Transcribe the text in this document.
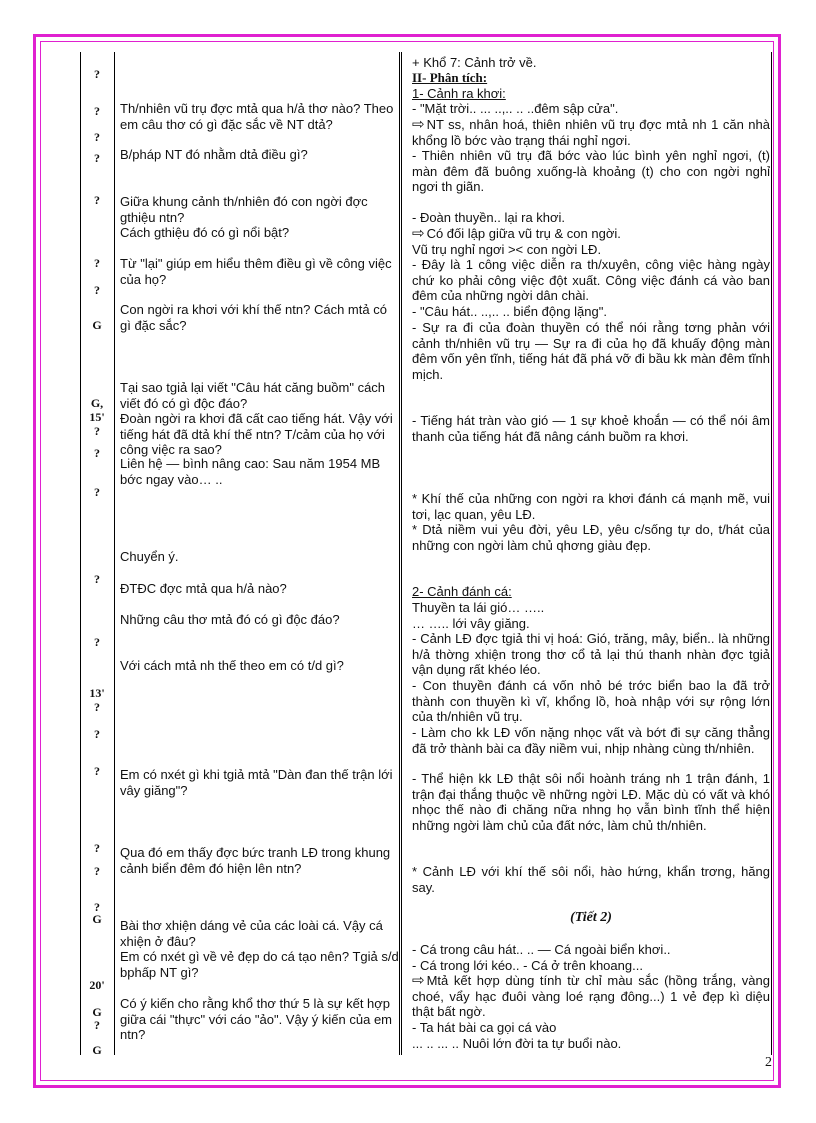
?
?
?
?
?
?
?
G
G,
15'
?
?
?
?
?
13'
?
?
?
?
?
?
G
20'
G
?
G
Th/nhiên vũ trụ đợc mtả qua h/ả thơ nào? Theo em câu thơ có gì đặc sắc về NT dtả?
B/pháp NT đó nhằm dtả điều gì?
Giữa khung cảnh th/nhiên đó con ngời đợc gthiệu ntn?
Cách gthiệu đó có gì nổi bật?
Từ "lại" giúp em hiểu thêm điều gì về công việc của họ?
Con ngời ra khơi với khí thế ntn? Cách mtả có gì đặc sắc?
Tại sao tgiả lại viết "Câu hát căng buồm" cách viết đó có gì độc đáo?
Đoàn ngời ra khơi đã cất cao tiếng hát. Vậy với tiếng hát đã dtả khí thế ntn? T/cảm của họ với công việc ra sao?
Liên hệ — bình nâng cao: Sau năm 1954 MB bớc ngay vào… ..
Chuyển ý.
ĐTĐC đợc mtả qua h/ả nào?
Những câu thơ mtả đó có gì độc đáo?
Với cách mtả nh thế theo em có t/d gì?
Em có nxét gì khi tgiả mtả "Dàn đan thế trận lới vây giăng"?
Qua đó em thấy đợc bức tranh LĐ trong khung cảnh biển đêm đó hiện lên ntn?
Bài thơ xhiện dáng vẻ của các loài cá. Vậy cá xhiện ở đâu?
Em có nxét gì về vẻ đẹp do cá tạo nên? Tgiả s/d bphấp NT gì?
Có ý kiến cho rằng khổ thơ thứ 5 là sự kết hợp giữa cái "thực" với cáo "ảo". Vậy ý kiến của em ntn?
+ Khổ 7: Cảnh trở về.
II- Phân tích:
1- Cảnh ra khơi:
- "Mặt trời.. ... ..,.. .. ..đêm sập cửa".
⇨ NT ss, nhân hoá, thiên nhiên vũ trụ đợc mtả nh 1 căn nhà khổng lồ bớc vào trạng thái nghỉ ngơi.
- Thiên nhiên vũ trụ đã bớc vào lúc bình yên nghỉ ngơi, (t) màn đêm đã buông xuống-là khoảng (t) cho con ngời nghỉ ngơi th giãn.
- Đoàn thuyền.. lại ra khơi.
⇨ Có đối lập giữa vũ trụ & con ngời.
Vũ trụ nghỉ ngơi >< con ngời LĐ.
- Đây là 1 công việc diễn ra th/xuyên, công việc hàng ngày chứ ko phải công việc đột xuất. Công việc đánh cá vào ban đêm của những ngời dân chài.
- "Câu hát.. ..,.. .. biển động lặng".
- Sự ra đi của đoàn thuyền có thể nói rằng tơng phản với cảnh th/nhiên vũ trụ — Sự ra đi của họ đã khuấy động màn đêm vốn yên tĩnh, tiếng hát đã phá vỡ đi bầu kk màn đêm tĩnh mịch.
- Tiếng hát tràn vào gió — 1 sự khoẻ khoắn — có thể nói âm thanh của tiếng hát đã nâng cánh buồm ra khơi.
* Khí thế của những con ngời ra khơi đánh cá mạnh mẽ, vui tơi, lạc quan, yêu LĐ.
* Dtả niềm vui yêu đời, yêu LĐ, yêu c/sống tự do, t/hát của những con ngời làm chủ qhơng giàu đẹp.
2- Cảnh đánh cá:
Thuyền ta lái gió… …..
… ….. lới vây giăng.
- Cảnh LĐ đợc tgiả thi vị hoá: Gió, trăng, mây, biển.. là những h/ả thờng xhiện trong thơ cổ tả lại thú thanh nhàn đợc tgiả vận dụng rất khéo léo.
- Con thuyền đánh cá vốn nhỏ bé trớc biển bao la đã trở thành con thuyền kì vĩ, khổng lồ, hoà nhập với sự rộng lớn của th/nhiên vũ trụ.
- Làm cho kk LĐ vốn nặng nhọc vất và bớt đi sự căng thẳng đã trở thành bài ca đầy niềm vui, nhịp nhàng cùng th/nhiên.
- Thể hiện kk LĐ thật sôi nổi hoành tráng nh 1 trận đánh, 1 trận đại thắng thuộc về những ngời LĐ. Mặc dù có vất và khó nhọc thế nào đi chăng nữa nhng họ vẫn bình tĩnh thể hiện những ngời làm chủ của đất nớc, làm chủ th/nhiên.
* Cảnh LĐ với khí thế sôi nổi, hào hứng, khẩn trơng, hăng say.
(Tiết 2)
- Cá trong câu hát.. .. — Cá ngoài biển khơi..
- Cá trong lới kéo.. - Cá ở trên khoang...
⇨ Mtả kết hợp dùng tính từ chỉ màu sắc (hồng trắng, vàng choé, vẩy hạc đuôi vàng loé rạng đông...) 1 vẻ đẹp kì diệu thật bất ngờ.
- Ta hát bài ca gọi cá vào
... .. ... .. Nuôi lớn đời ta tự buổi nào.
2
